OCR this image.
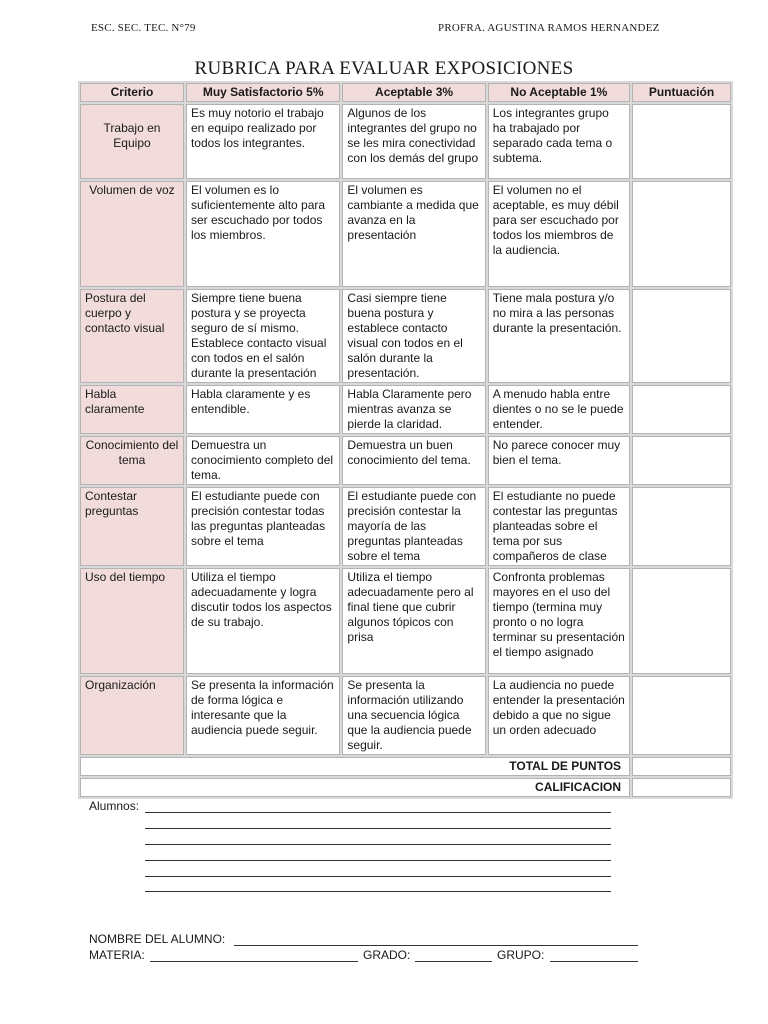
ESC. SEC. TEC. N°79	PROFRA. AGUSTINA RAMOS HERNANDEZ
RUBRICA PARA EVALUAR EXPOSICIONES
Criterio	Muy Satisfactorio 5%	Aceptable 3%	No Aceptable 1%	Puntuación
Trabajo en Equipo	Es muy notorio el trabajo en equipo realizado por todos los integrantes.	Algunos de los integrantes del grupo no se les mira conectividad con los demás del grupo	Los integrantes grupo ha trabajado por separado cada tema o subtema.	
Volumen de voz	El volumen es lo suficientemente alto para ser escuchado por todos los miembros.	El volumen es cambiante a medida que avanza en la presentación	El volumen no el aceptable, es muy débil para ser escuchado por todos los miembros de la audiencia.	
Postura del cuerpo y contacto visual	Siempre tiene buena postura y se proyecta seguro de sí mismo. Establece contacto visual con todos en el salón durante la presentación	Casi siempre tiene buena postura y establece contacto visual con todos en el salón durante la presentación.	Tiene mala postura y/o no mira a las personas durante la presentación.	
Habla claramente	Habla claramente y es entendible.	Habla Claramente pero mientras avanza se pierde la claridad.	A menudo habla entre dientes o no se le puede entender.	
Conocimiento del tema	Demuestra un conocimiento completo del tema.	Demuestra un buen conocimiento del tema.	No parece conocer muy bien el tema.	
Contestar preguntas	El estudiante puede con precisión contestar todas las preguntas planteadas sobre el tema	El estudiante puede con precisión contestar la mayoría de las preguntas planteadas sobre el tema	El estudiante no puede contestar las preguntas planteadas sobre el tema por sus compañeros de clase	
Uso del tiempo	Utiliza el tiempo adecuadamente y logra discutir todos los aspectos de su trabajo.	Utiliza el tiempo adecuadamente pero al final tiene que cubrir algunos tópicos con prisa	Confronta problemas mayores en el uso del tiempo (termina muy pronto o no logra terminar su presentación el tiempo asignado	
Organización	Se presenta la información de forma lógica e interesante que la audiencia puede seguir.	Se presenta la información utilizando una secuencia lógica que la audiencia puede seguir.	La audiencia no puede entender la presentación debido a que no sigue un orden adecuado	
TOTAL DE PUNTOS				
CALIFICACION				
Alumnos:
NOMBRE DEL ALUMNO:
MATERIA:	GRADO:	GRUPO:
